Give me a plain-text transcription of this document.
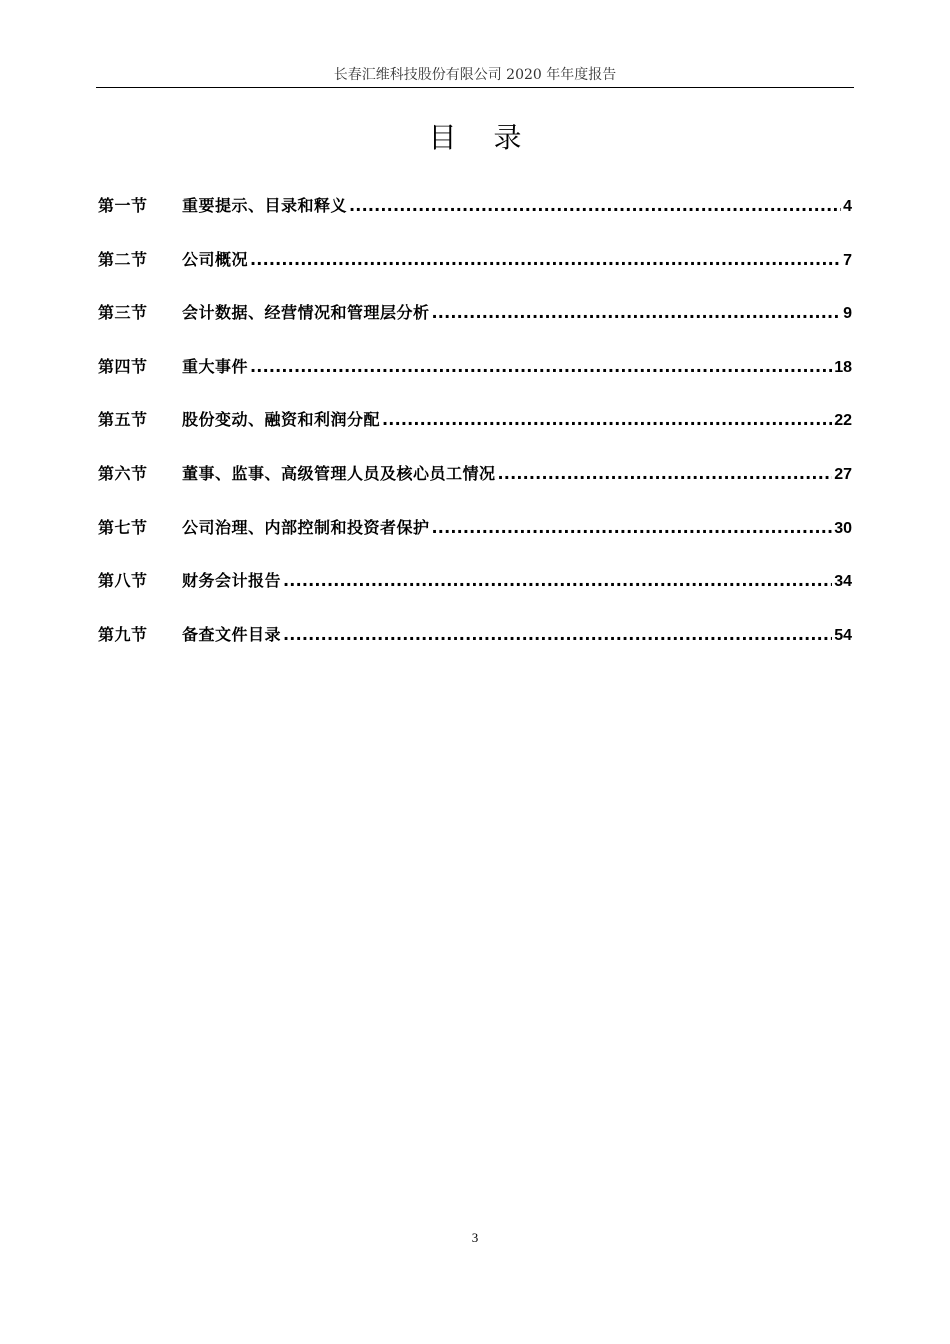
长春汇维科技股份有限公司 2020 年年度报告
目 录
第一节	重要提示、目录和释义 .....	4
第二节	公司概况 .....	7
第三节	会计数据、经营情况和管理层分析 .....	9
第四节	重大事件 .....	18
第五节	股份变动、融资和利润分配 .....	22
第六节	董事、监事、高级管理人员及核心员工情况 .....	27
第七节	公司治理、内部控制和投资者保护 .....	30
第八节	财务会计报告 .....	34
第九节	备查文件目录 .....	54
3
